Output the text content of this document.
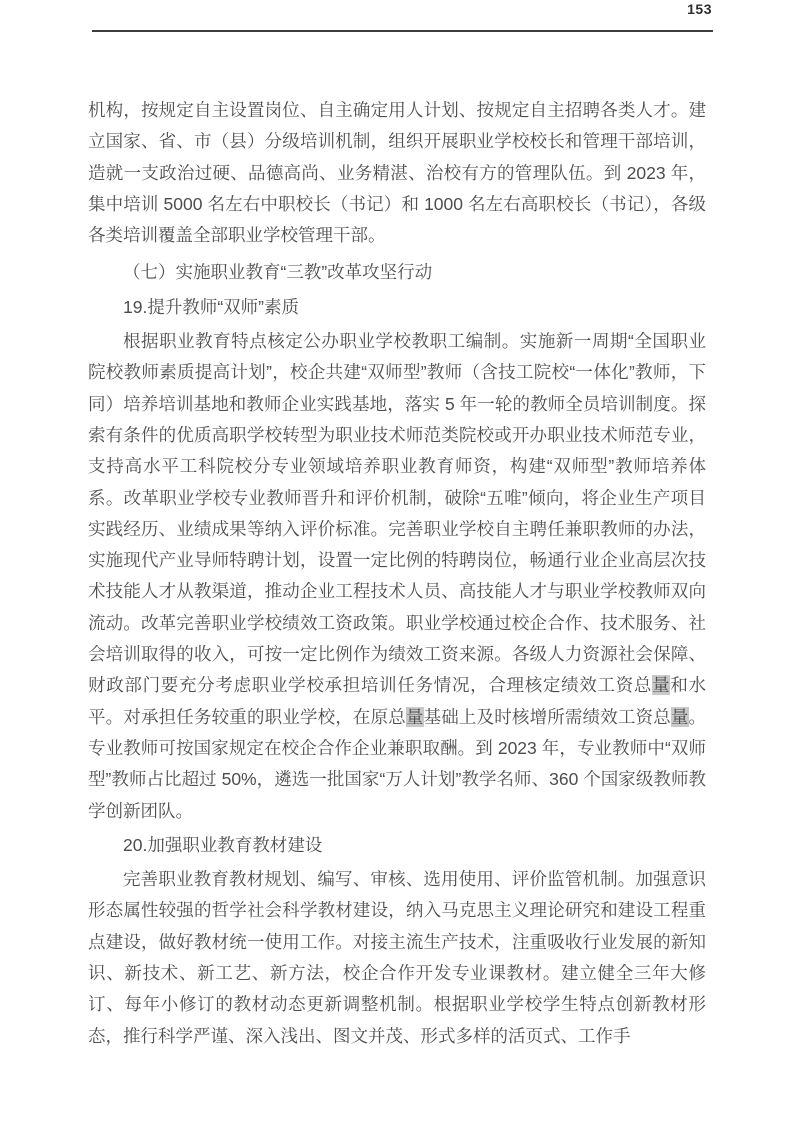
153

机构，按规定自主设置岗位、自主确定用人计划、按规定自主招聘各类人才。建立国家、省、市（县）分级培训机制，组织开展职业学校校长和管理干部培训，造就一支政治过硬、品德高尚、业务精湛、治校有方的管理队伍。到 2023 年，集中培训 5000 名左右中职校长（书记）和 1000 名左右高职校长（书记），各级各类培训覆盖全部职业学校管理干部。

（七）实施职业教育“三教”改革攻坚行动

19.提升教师“双师”素质

根据职业教育特点核定公办职业学校教职工编制。实施新一周期“全国职业院校教师素质提高计划”，校企共建“双师型”教师（含技工院校“一体化”教师，下同）培养培训基地和教师企业实践基地，落实 5 年一轮的教师全员培训制度。探索有条件的优质高职学校转型为职业技术师范类院校或开办职业技术师范专业，支持高水平工科院校分专业领域培养职业教育师资，构建“双师型”教师培养体系。改革职业学校专业教师晋升和评价机制，破除“五唯”倾向，将企业生产项目实践经历、业绩成果等纳入评价标准。完善职业学校自主聘任兼职教师的办法，实施现代产业导师特聘计划，设置一定比例的特聘岗位，畅通行业企业高层次技术技能人才从教渠道，推动企业工程技术人员、高技能人才与职业学校教师双向流动。改革完善职业学校绩效工资政策。职业学校通过校企合作、技术服务、社会培训取得的收入，可按一定比例作为绩效工资来源。各级人力资源社会保障、财政部门要充分考虑职业学校承担培训任务情况，合理核定绩效工资总量和水平。对承担任务较重的职业学校，在原总量基础上及时核增所需绩效工资总量。专业教师可按国家规定在校企合作企业兼职取酬。到 2023 年，专业教师中“双师型”教师占比超过 50%，遴选一批国家“万人计划”教学名师、360 个国家级教师教学创新团队。

20.加强职业教育教材建设

完善职业教育教材规划、编写、审核、选用使用、评价监管机制。加强意识形态属性较强的哲学社会科学教材建设，纳入马克思主义理论研究和建设工程重点建设，做好教材统一使用工作。对接主流生产技术，注重吸收行业发展的新知识、新技术、新工艺、新方法，校企合作开发专业课教材。建立健全三年大修订、每年小修订的教材动态更新调整机制。根据职业学校学生特点创新教材形态，推行科学严谨、深入浅出、图文并茂、形式多样的活页式、工作手
